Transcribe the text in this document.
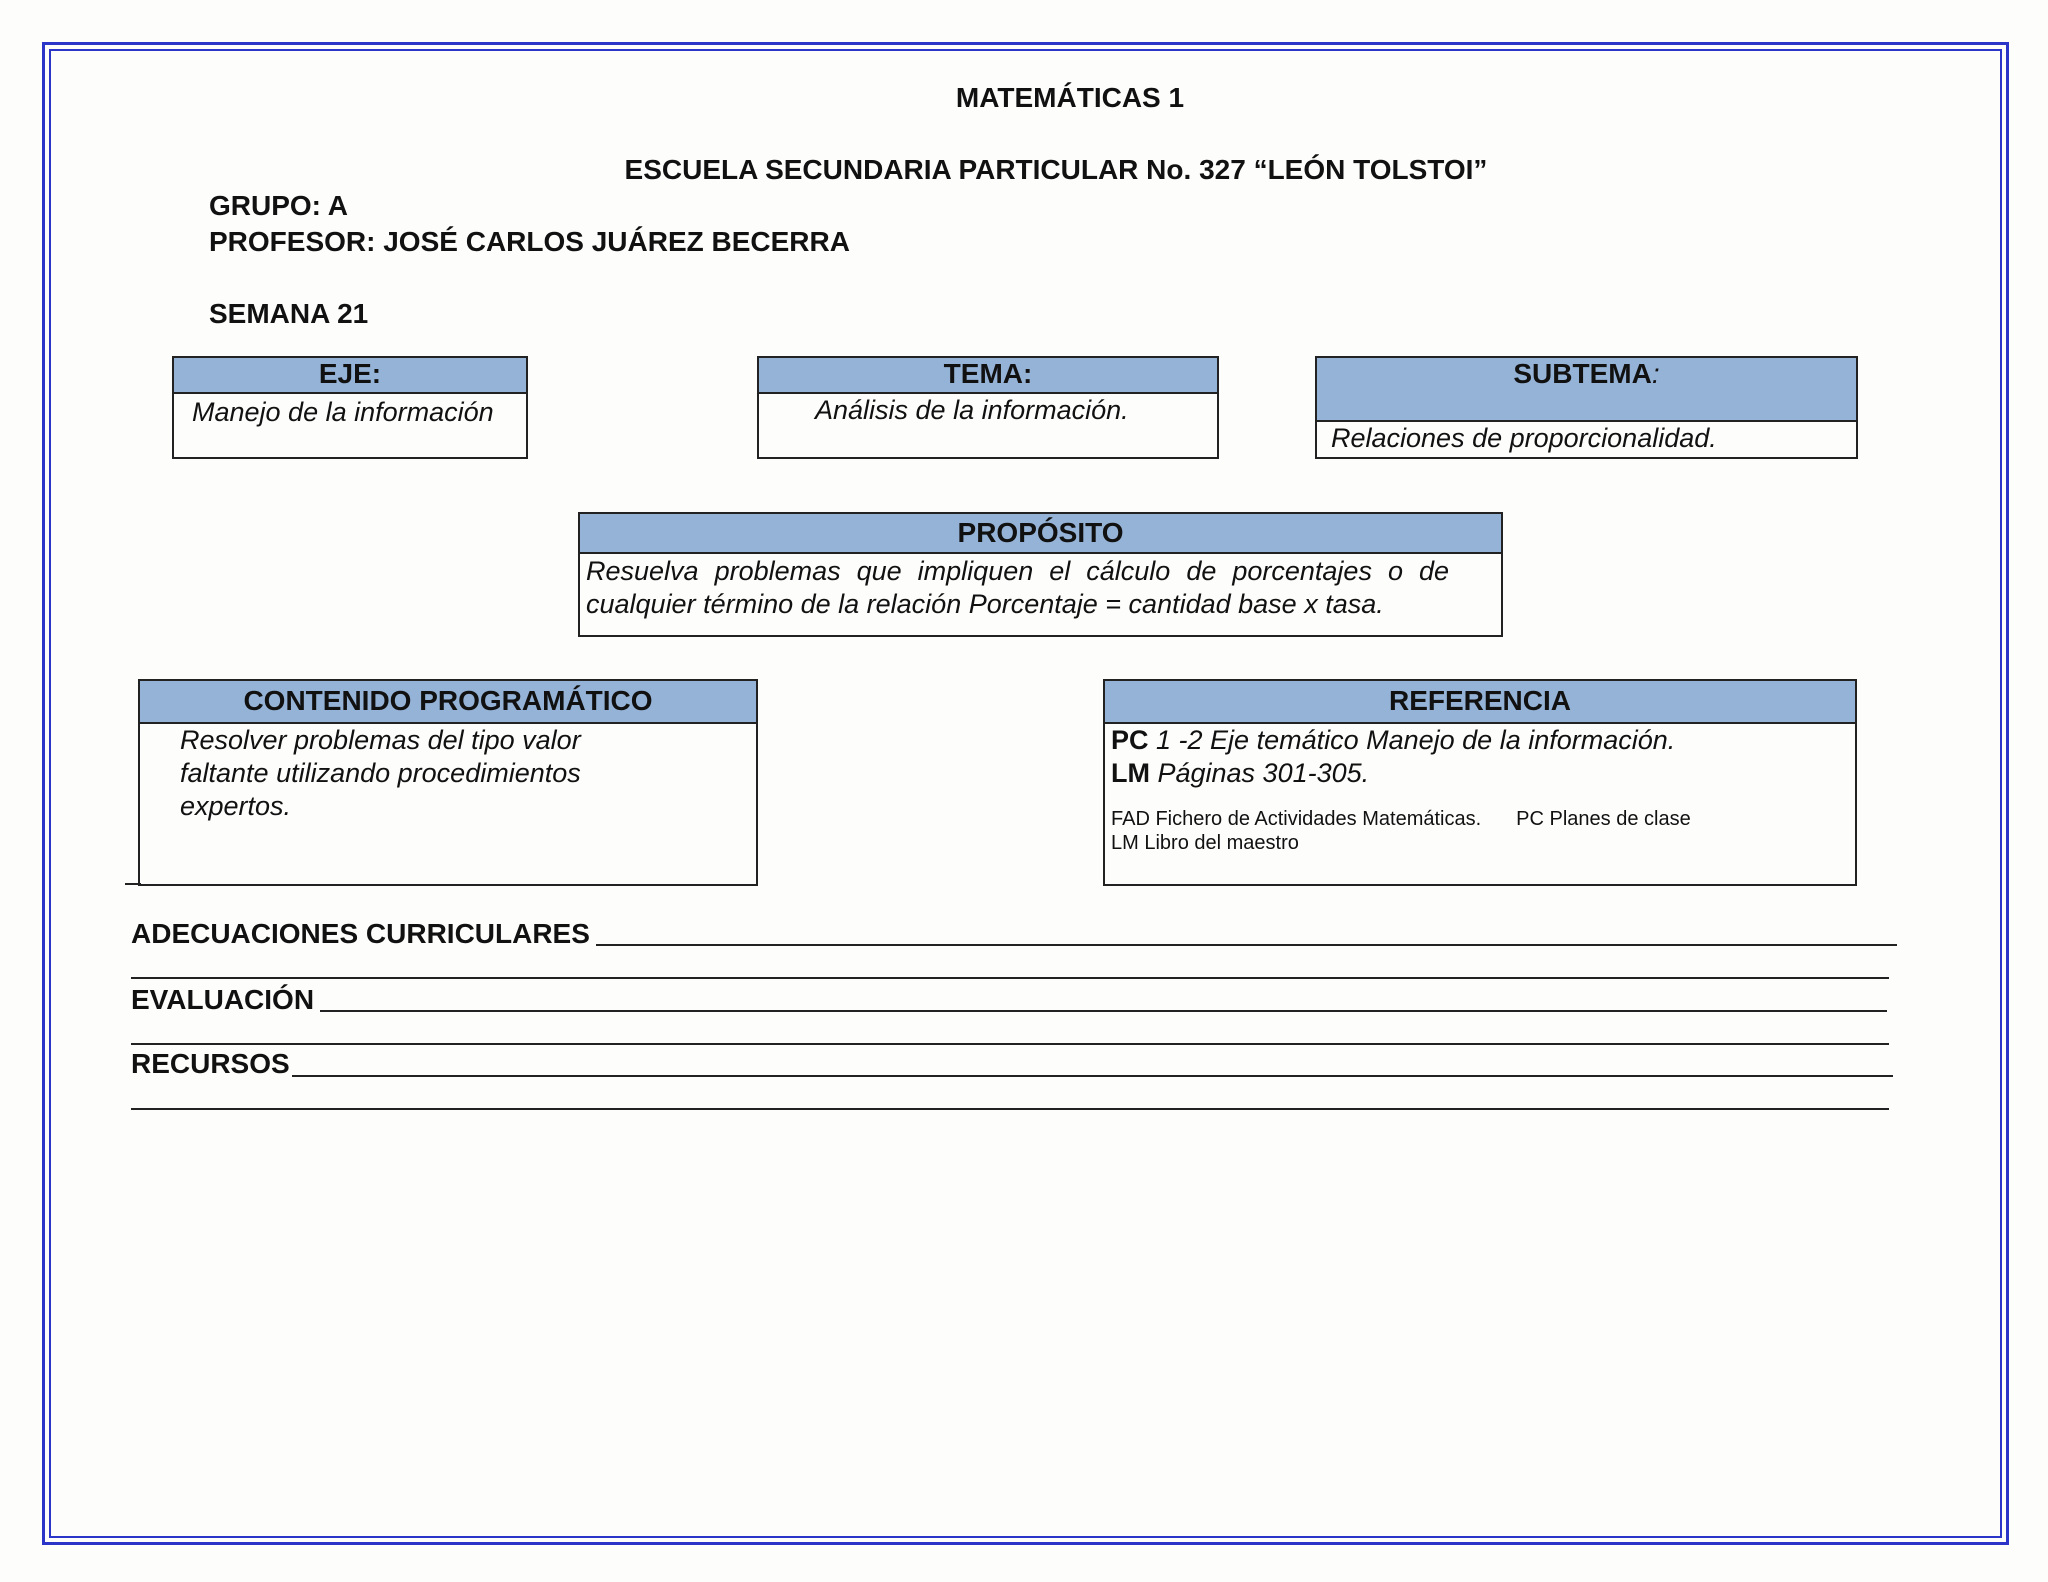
MATEMÁTICAS 1
ESCUELA SECUNDARIA PARTICULAR No. 327 “LEÓN TOLSTOI”
GRUPO: A
PROFESOR: JOSÉ CARLOS JUÁREZ BECERRA
SEMANA 21
EJE:
Manejo de la información
TEMA:
Análisis de la información.
SUBTEMA:
Relaciones de proporcionalidad.
PROPÓSITO
Resuelva problemas que impliquen el cálculo de porcentajes o de
cualquier término de la relación Porcentaje = cantidad base x tasa.
CONTENIDO PROGRAMÁTICO
Resolver problemas del tipo valor
faltante utilizando procedimientos
expertos.
REFERENCIA
PC 1 -2 Eje temático Manejo de la información.
LM Páginas 301-305.
FAD Fichero de Actividades Matemáticas. PC Planes de clase
LM Libro del maestro
ADECUACIONES CURRICULARES
EVALUACIÓN
RECURSOS
